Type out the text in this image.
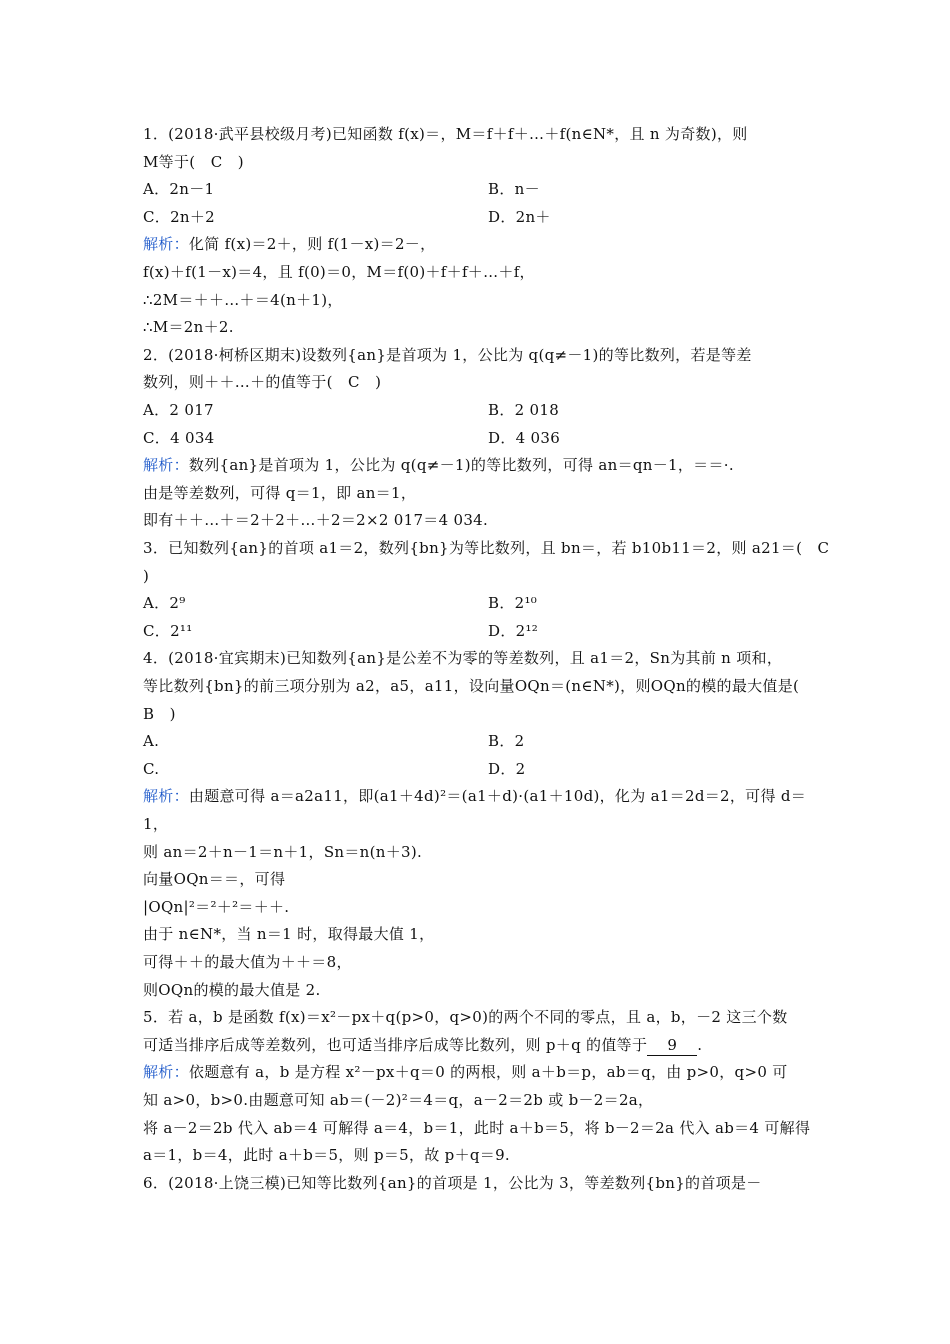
1．(2018·武平县校级月考)已知函数 f(x)＝，M＝f＋f＋…＋f(n∈N*，且 n 为奇数)，则
M等于(　C　)
A．2n－1	B．n－
C．2n＋2	D．2n＋
解析：化简 f(x)＝2＋，则 f(1－x)＝2－，
f(x)＋f(1－x)＝4，且 f(0)＝0，M＝f(0)＋f＋f＋…＋f，
∴2M＝＋＋…＋＝4(n＋1)，
∴M＝2n＋2.
2．(2018·柯桥区期末)设数列{an}是首项为 1，公比为 q(q≠－1)的等比数列，若是等差
数列，则＋＋…＋的值等于(　C　)
A．2 017	B．2 018
C．4 034	D．4 036
解析：数列{an}是首项为 1，公比为 q(q≠－1)的等比数列，可得 an＝qn－1，＝＝·.
由是等差数列，可得 q＝1，即 an＝1，
即有＋＋…＋＝2＋2＋…＋2＝2×2 017＝4 034.
3．已知数列{an}的首项 a1＝2，数列{bn}为等比数列，且 bn＝，若 b10b11＝2，则 a21＝(　C
)
A．2⁹	B．2¹⁰
C．2¹¹	D．2¹²
4．(2018·宜宾期末)已知数列{an}是公差不为零的等差数列，且 a1＝2，Sn为其前 n 项和，
等比数列{bn}的前三项分别为 a2，a5，a11，设向量OQn＝(n∈N*)，则OQn的模的最大值是(
B　)
A.	B．2
C.	D．2
解析：由题意可得 a＝a2a11，即(a1＋4d)²＝(a1＋d)·(a1＋10d)，化为 a1＝2d＝2，可得 d＝
1，
则 an＝2＋n－1＝n＋1，Sn＝n(n＋3).
向量OQn＝＝，可得
|OQn|²＝²＋²＝＋＋.
由于 n∈N*，当 n＝1 时，取得最大值 1，
可得＋＋的最大值为＋＋＝8，
则OQn的模的最大值是 2.
5．若 a，b 是函数 f(x)＝x²－px＋q(p>0，q>0)的两个不同的零点，且 a，b，－2 这三个数
可适当排序后成等差数列，也可适当排序后成等比数列，则 p＋q 的值等于 9 .
解析：依题意有 a，b 是方程 x²－px＋q＝0 的两根，则 a＋b＝p，ab＝q，由 p>0，q>0 可
知 a>0，b>0.由题意可知 ab＝(－2)²＝4＝q，a－2＝2b 或 b－2＝2a，
将 a－2＝2b 代入 ab＝4 可解得 a＝4，b＝1，此时 a＋b＝5，将 b－2＝2a 代入 ab＝4 可解得
a＝1，b＝4，此时 a＋b＝5，则 p＝5，故 p＋q＝9.
6．(2018·上饶三模)已知等比数列{an}的首项是 1，公比为 3，等差数列{bn}的首项是－
